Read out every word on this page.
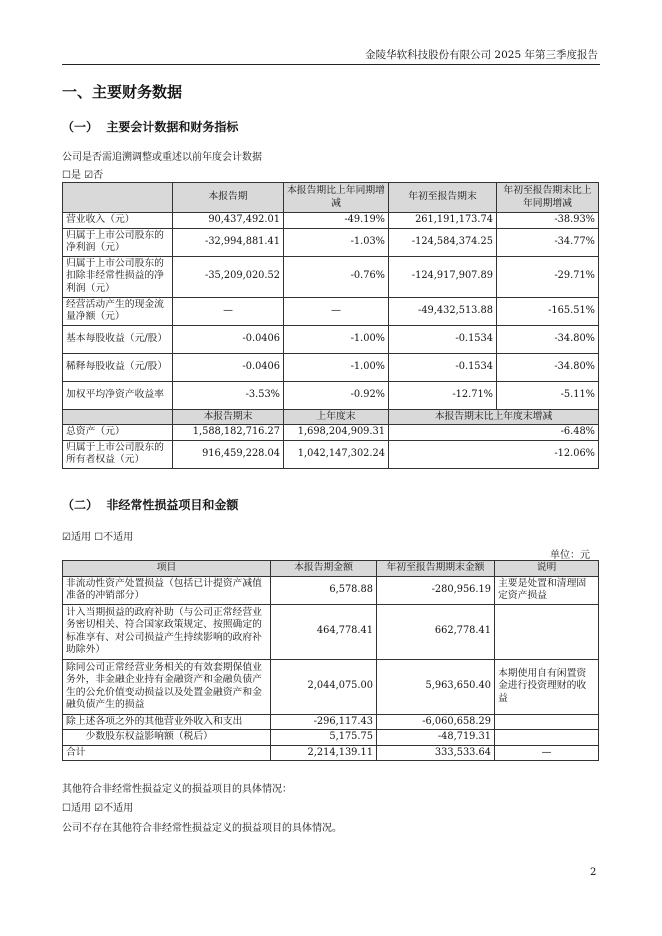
金陵华软科技股份有限公司 2025 年第三季度报告
一、主要财务数据
（一） 主要会计数据和财务指标
公司是否需追溯调整或重述以前年度会计数据
☐是 ☑否
	本报告期	本报告期比上年同期增减	年初至报告期末	年初至报告期末比上年同期增减
营业收入（元）	90,437,492.01	-49.19%	261,191,173.74	-38.93%
归属于上市公司股东的净利润（元）	-32,994,881.41	-1.03%	-124,584,374.25	-34.77%
归属于上市公司股东的扣除非经常性损益的净利润（元）	-35,209,020.52	-0.76%	-124,917,907.89	-29.71%
经营活动产生的现金流量净额（元）	—	—	-49,432,513.88	-165.51%
基本每股收益（元/股）	-0.0406	-1.00%	-0.1534	-34.80%
稀释每股收益（元/股）	-0.0406	-1.00%	-0.1534	-34.80%
加权平均净资产收益率	-3.53%	-0.92%	-12.71%	-5.11%
	本报告期末	上年度末	本报告期末比上年度末增减	
总资产（元）	1,588,182,716.27	1,698,204,909.31	-6.48%	
归属于上市公司股东的所有者权益（元）	916,459,228.04	1,042,147,302.24	-12.06%	
（二） 非经常性损益项目和金额
☑适用 ☐不适用
单位：元
项目	本报告期金额	年初至报告期期末金额	说明
非流动性资产处置损益（包括已计提资产减值准备的冲销部分）	6,578.88	-280,956.19	主要是处置和清理固定资产损益
计入当期损益的政府补助（与公司正常经营业务密切相关、符合国家政策规定、按照确定的标准享有、对公司损益产生持续影响的政府补助除外）	464,778.41	662,778.41	
除同公司正常经营业务相关的有效套期保值业务外，非金融企业持有金融资产和金融负债产生的公允价值变动损益以及处置金融资产和金融负债产生的损益	2,044,075.00	5,963,650.40	本期使用自有闲置资金进行投资理财的收益
除上述各项之外的其他营业外收入和支出	-296,117.43	-6,060,658.29	
　　少数股东权益影响额（税后）	5,175.75	-48,719.31	
合计	2,214,139.11	333,533.64	—
其他符合非经常性损益定义的损益项目的具体情况：
☐适用 ☑不适用
公司不存在其他符合非经常性损益定义的损益项目的具体情况。
2
